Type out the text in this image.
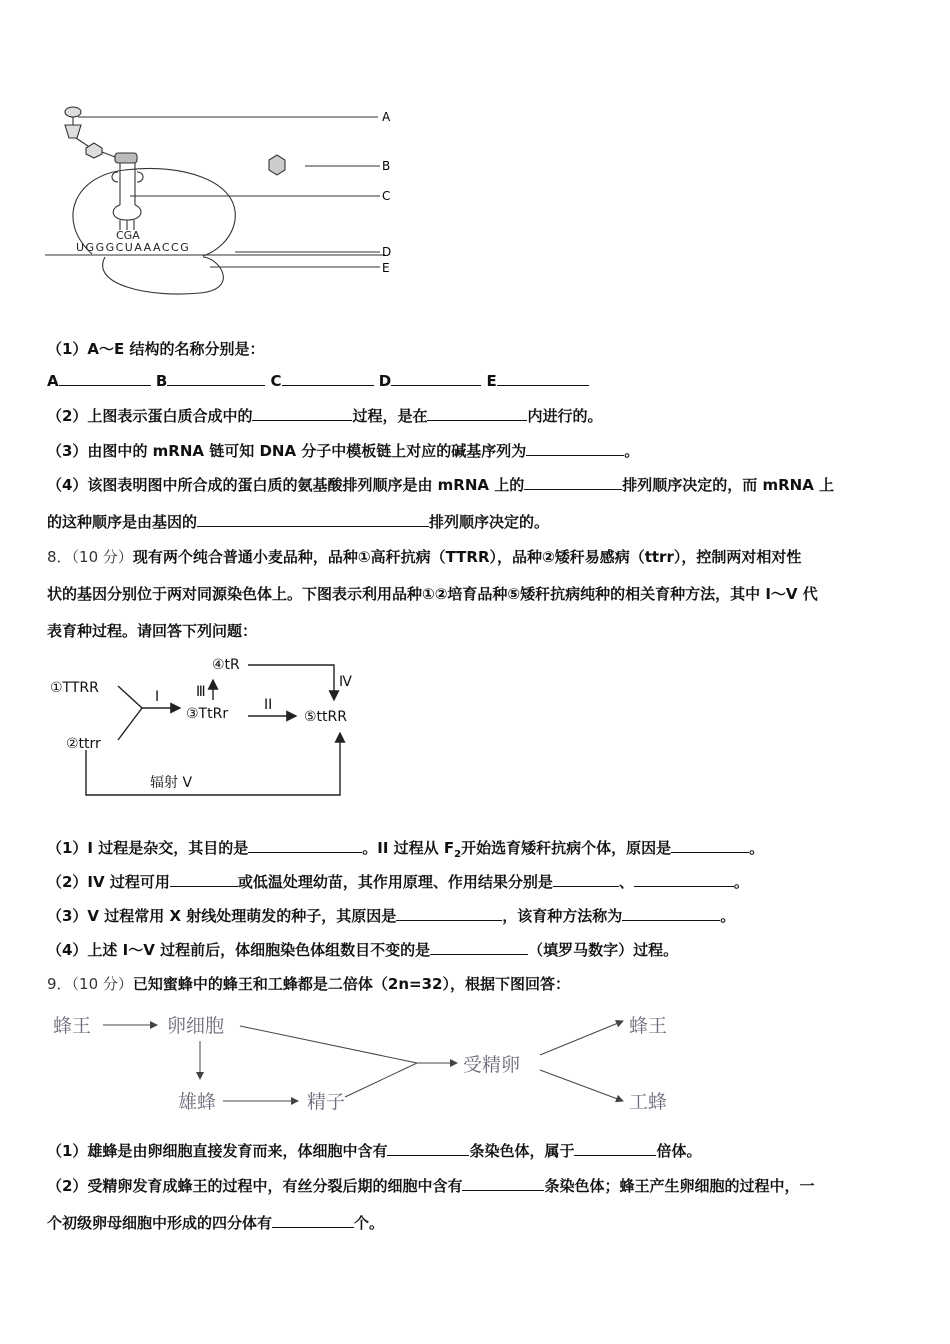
CGA
UGGGCUAAACCG
A
B
C
D
E
（1）A～E 结构的名称分别是：
A	B	C	D	E
（2）上图表示蛋白质合成中的	过程，是在	内进行的。
（3）由图中的 mRNA 链可知 DNA 分子中模板链上对应的碱基序列为	。
（4）该图表明图中所合成的蛋白质的氨基酸排列顺序是由 mRNA 上的	排列顺序决定的，而 mRNA 上
的这种顺序是由基因的	排列顺序决定的。
8．（10 分）现有两个纯合普通小麦品种，品种①高秆抗病（TTRR），品种②矮秆易感病（ttrr），控制两对相对性
状的基因分别位于两对同源染色体上。下图表示利用品种①②培育品种⑤矮秆抗病纯种的相关育种方法，其中 I～V 代
表育种过程。请回答下列问题：
①TTRR
②ttrr
③TtRr
④tR
⑤ttRR
I	II
Ⅲ
Ⅳ
辐射 V
（1）I 过程是杂交，其目的是	。II 过程从 $F_2$开始选育矮秆抗病个体，原因是	。
（2）IV 过程可用	或低温处理幼苗，其作用原理、作用结果分别是	、	。
（3）V 过程常用 X 射线处理萌发的种子，其原因是	，该育种方法称为	。
（4）上述 I～V 过程前后，体细胞染色体组数目不变的是	（填罗马数字）过程。
9．（10 分）已知蜜蜂中的蜂王和工蜂都是二倍体（2n=32），根据下图回答：
蜂王	卵细胞
雄蜂	精子
受精卵
蜂王
工蜂
（1）雄蜂是由卵细胞直接发育而来，体细胞中含有	条染色体，属于	倍体。
（2）受精卵发育成蜂王的过程中，有丝分裂后期的细胞中含有	条染色体；蜂王产生卵细胞的过程中，一
个初级卵母细胞中形成的四分体有	个。
